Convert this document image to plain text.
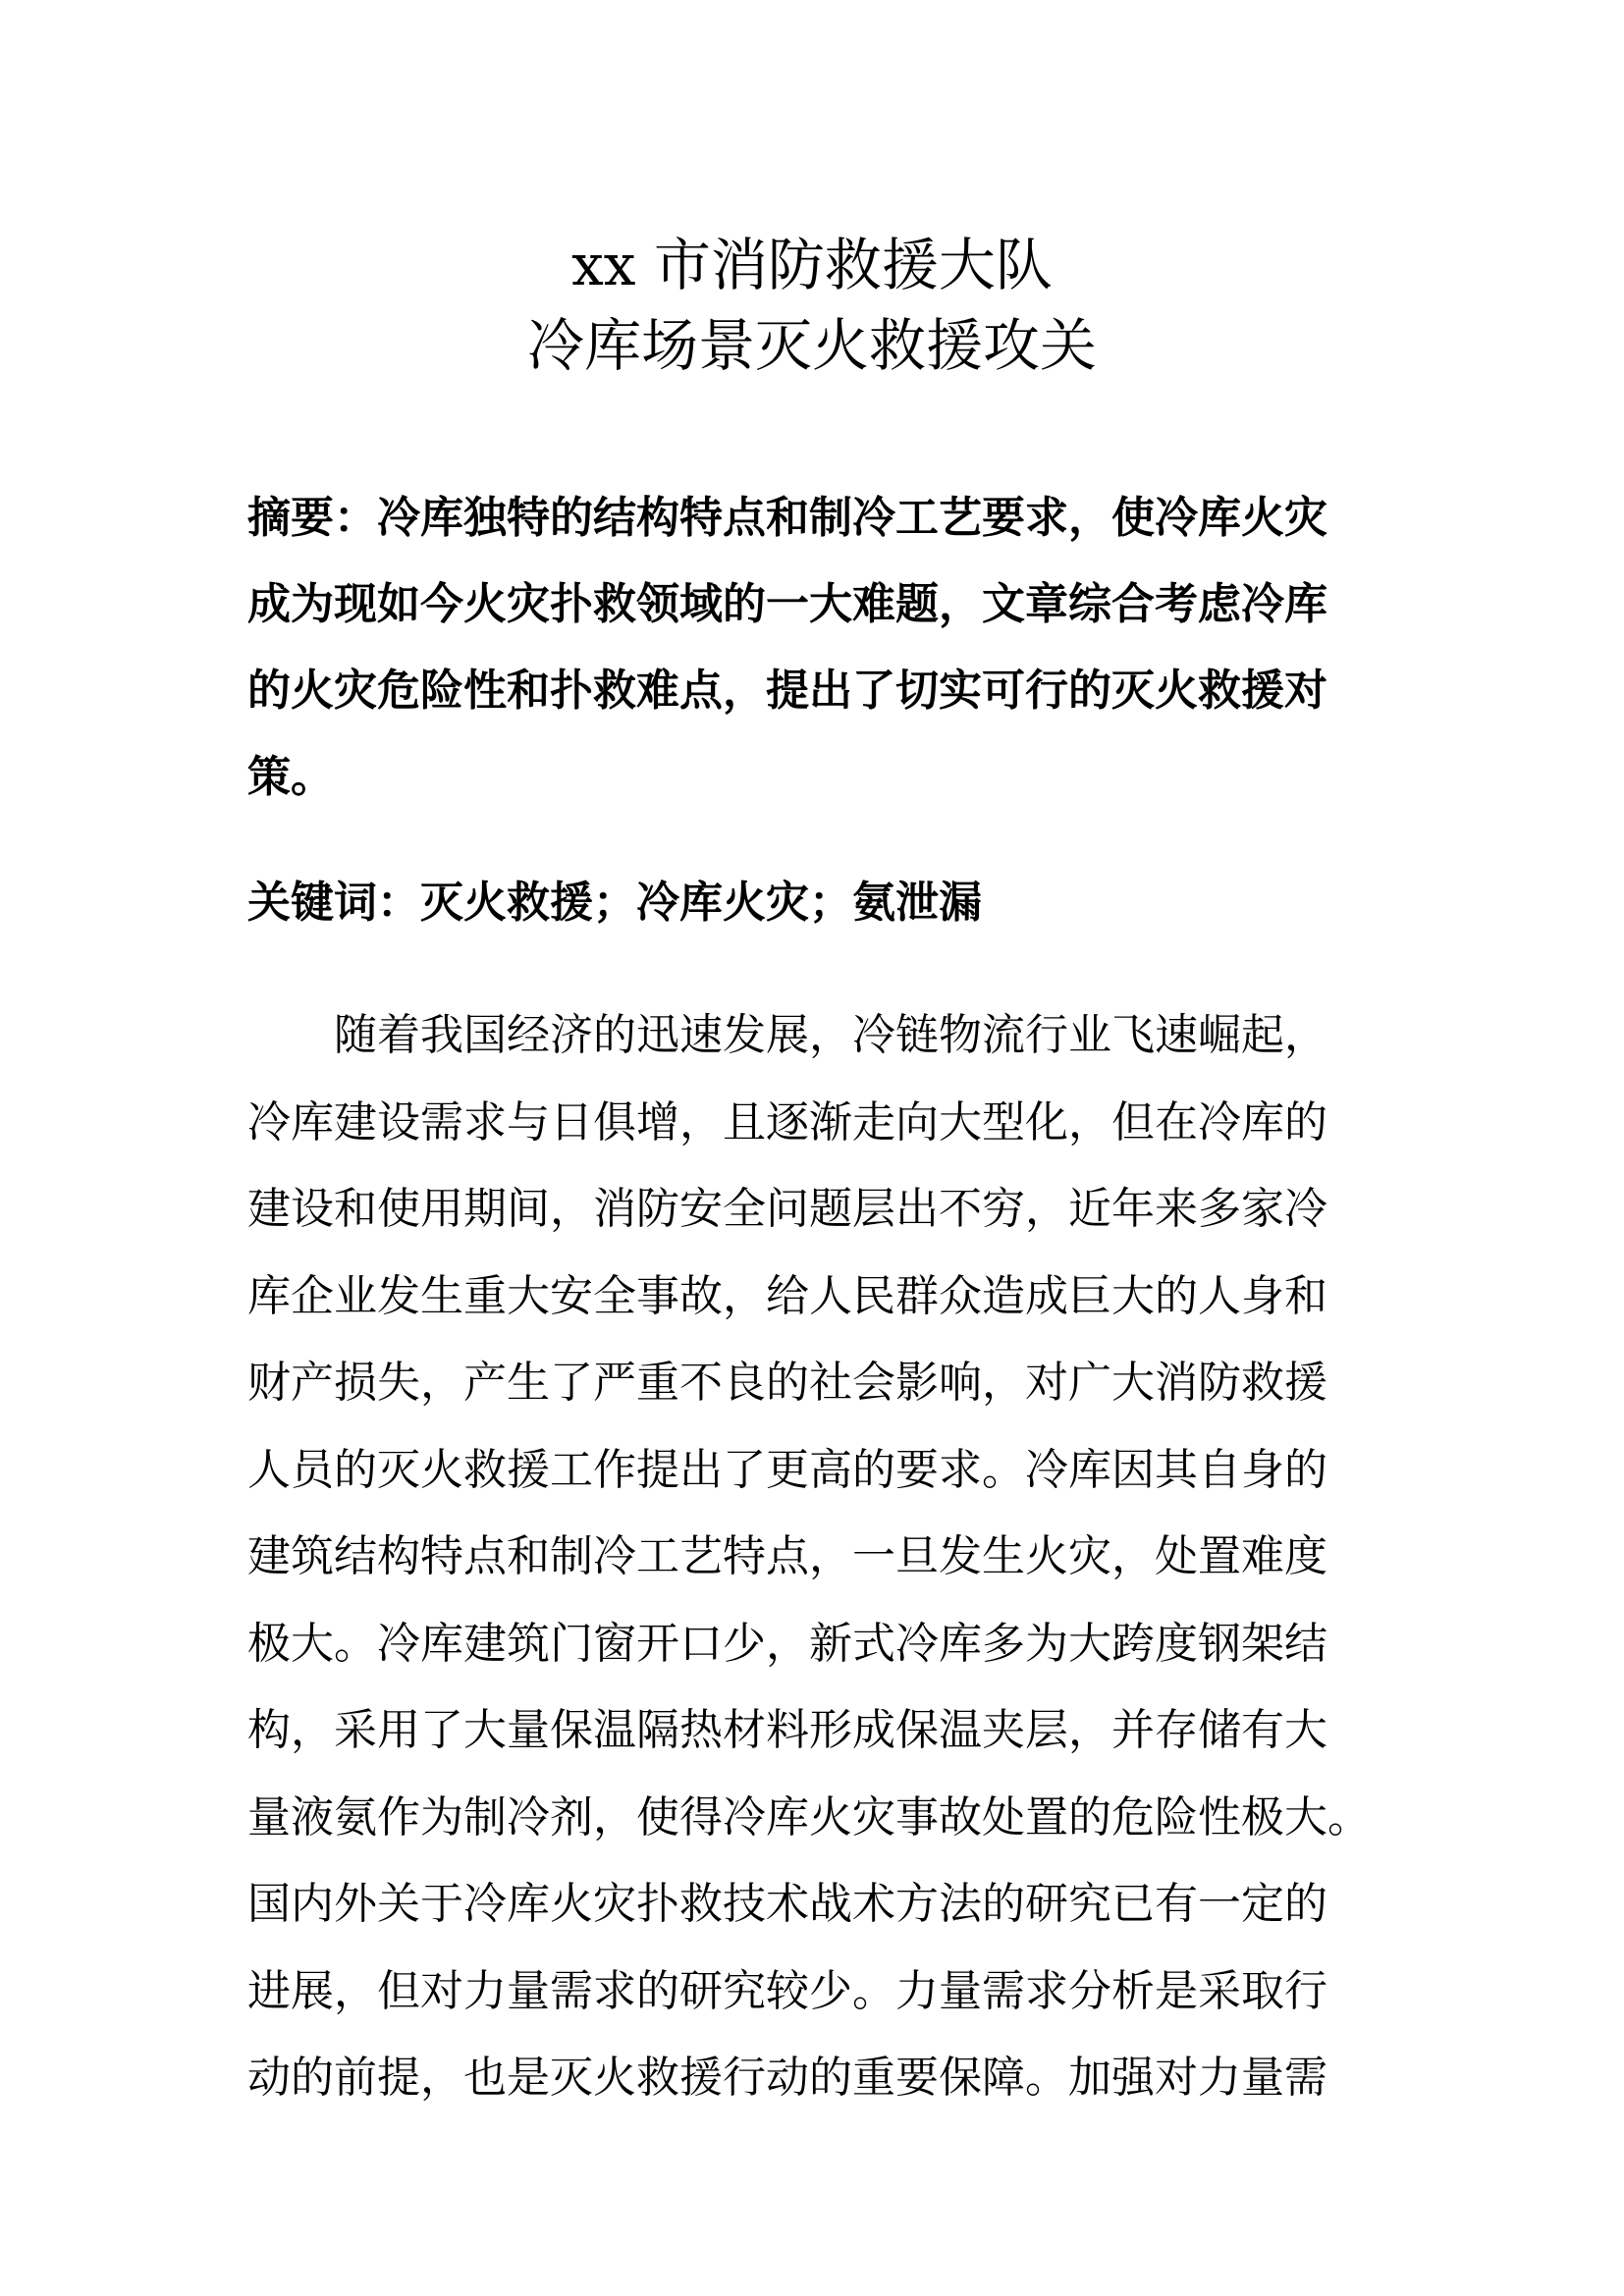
xx 市消防救援大队
冷库场景灭火救援攻关
摘要：冷库独特的结构特点和制冷工艺要求，使冷库火灾
成为现如今火灾扑救领域的一大难题，文章综合考虑冷库
的火灾危险性和扑救难点，提出了切实可行的灭火救援对
策。
关键词：灭火救援；冷库火灾；氨泄漏
随着我国经济的迅速发展，冷链物流行业飞速崛起，
冷库建设需求与日俱增，且逐渐走向大型化，但在冷库的
建设和使用期间，消防安全问题层出不穷，近年来多家冷
库企业发生重大安全事故，给人民群众造成巨大的人身和
财产损失，产生了严重不良的社会影响，对广大消防救援
人员的灭火救援工作提出了更高的要求。冷库因其自身的
建筑结构特点和制冷工艺特点，一旦发生火灾，处置难度
极大。冷库建筑门窗开口少，新式冷库多为大跨度钢架结
构，采用了大量保温隔热材料形成保温夹层，并存储有大
量液氨作为制冷剂，使得冷库火灾事故处置的危险性极大。
国内外关于冷库火灾扑救技术战术方法的研究已有一定的
进展，但对力量需求的研究较少。力量需求分析是采取行
动的前提，也是灭火救援行动的重要保障。加强对力量需
